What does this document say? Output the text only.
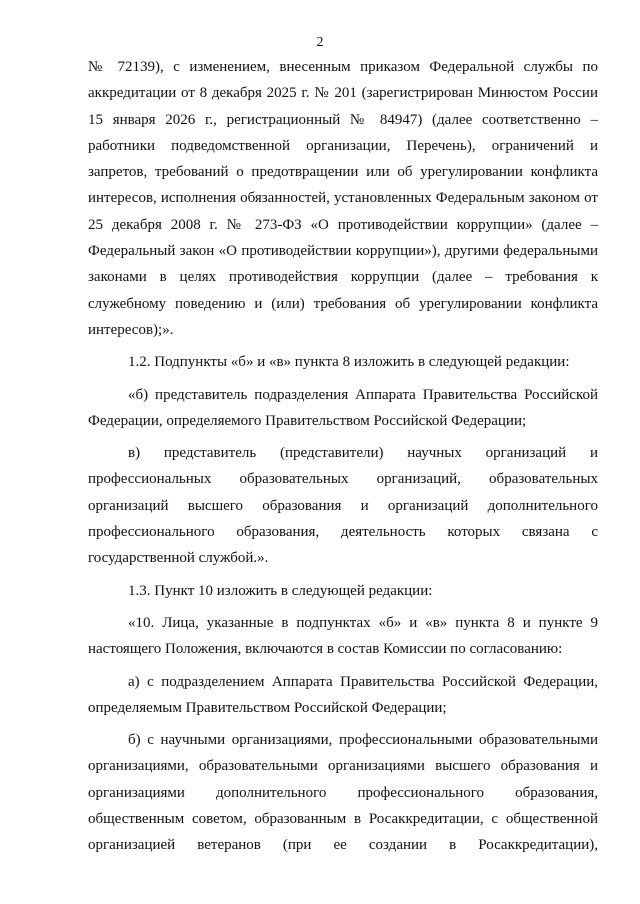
2

№ 72139), с изменением, внесенным приказом Федеральной службы по аккредитации от 8 декабря 2025 г. № 201 (зарегистрирован Минюстом России 15 января 2026 г., регистрационный № 84947) (далее соответственно – работники подведомственной организации, Перечень), ограничений и запретов, требований о предотвращении или об урегулировании конфликта интересов, исполнения обязанностей, установленных Федеральным законом от 25 декабря 2008 г. № 273-ФЗ «О противодействии коррупции» (далее – Федеральный закон «О противодействии коррупции»), другими федеральными законами в целях противодействия коррупции (далее – требования к служебному поведению и (или) требования об урегулировании конфликта интересов);».

1.2. Подпункты «б» и «в» пункта 8 изложить в следующей редакции:

«б) представитель подразделения Аппарата Правительства Российской Федерации, определяемого Правительством Российской Федерации;

в) представитель (представители) научных организаций и профессиональных образовательных организаций, образовательных организаций высшего образования и организаций дополнительного профессионального образования, деятельность которых связана с государственной службой.».

1.3. Пункт 10 изложить в следующей редакции:

«10. Лица, указанные в подпунктах «б» и «в» пункта 8 и пункте 9 настоящего Положения, включаются в состав Комиссии по согласованию:

а) с подразделением Аппарата Правительства Российской Федерации, определяемым Правительством Российской Федерации;

б) с научными организациями, профессиональными образовательными организациями, образовательными организациями высшего образования и организациями дополнительного профессионального образования, общественным советом, образованным в Росаккредитации, с общественной организацией ветеранов (при ее создании в Росаккредитации),
